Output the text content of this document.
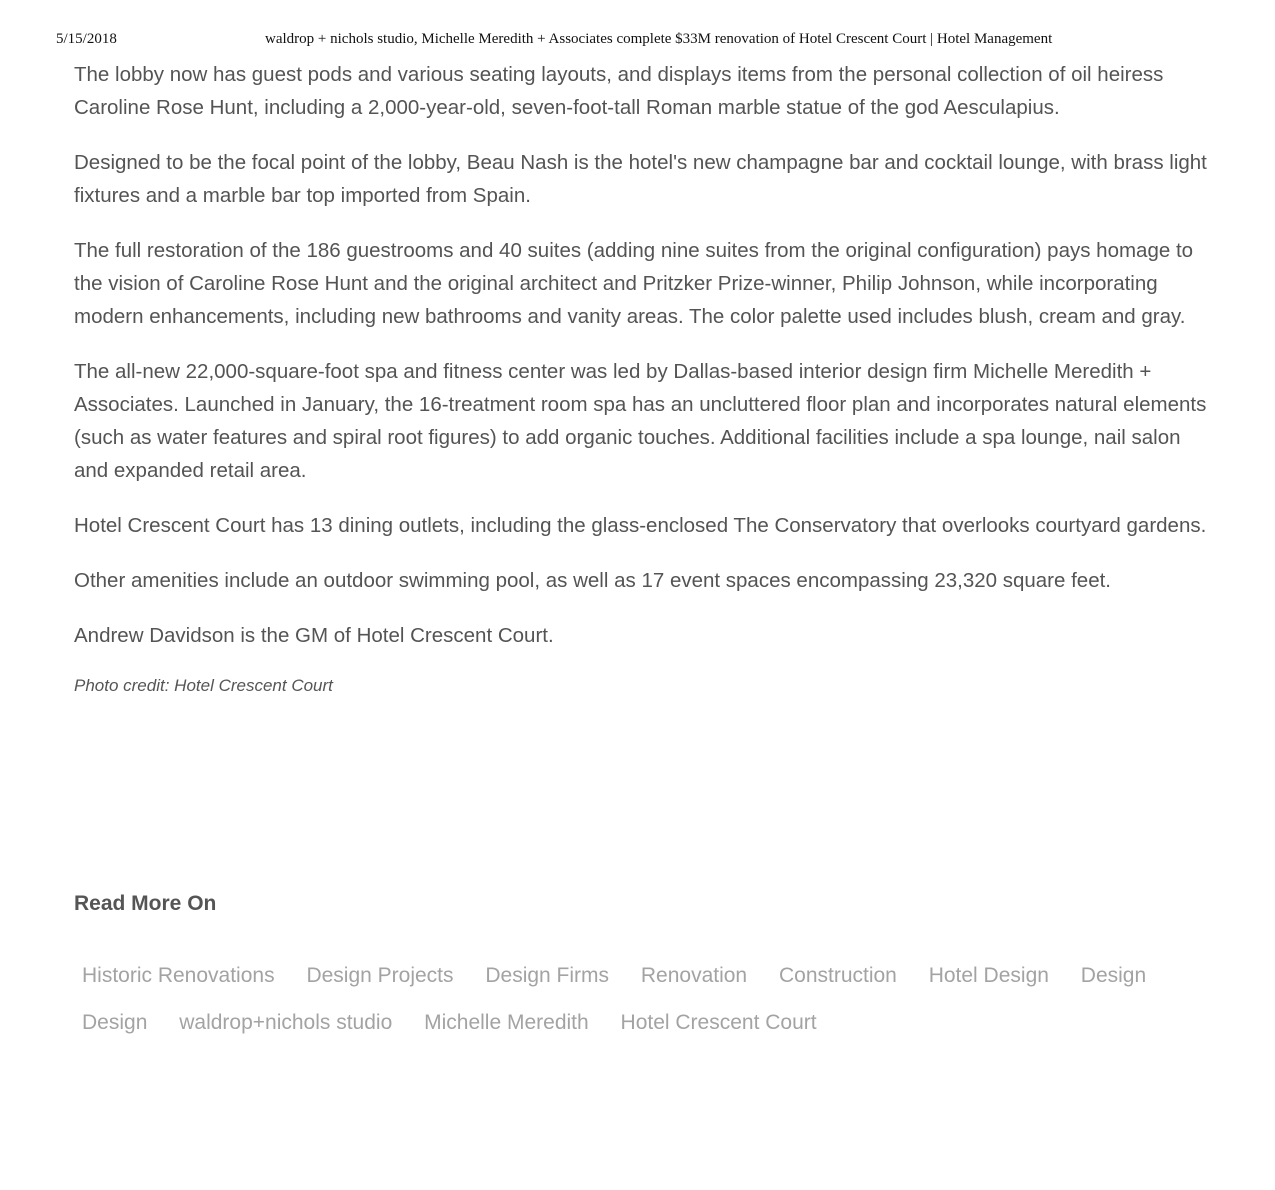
5/15/2018	waldrop + nichols studio, Michelle Meredith + Associates complete $33M renovation of Hotel Crescent Court | Hotel Management

The lobby now has guest pods and various seating layouts, and displays items from the personal collection of oil heiress Caroline Rose Hunt, including a 2,000-year-old, seven-foot-tall Roman marble statue of the god Aesculapius.

Designed to be the focal point of the lobby, Beau Nash is the hotel's new champagne bar and cocktail lounge, with brass light fixtures and a marble bar top imported from Spain.

The full restoration of the 186 guestrooms and 40 suites (adding nine suites from the original configuration) pays homage to the vision of Caroline Rose Hunt and the original architect and Pritzker Prize-winner, Philip Johnson, while incorporating modern enhancements, including new bathrooms and vanity areas. The color palette used includes blush, cream and gray.

The all-new 22,000-square-foot spa and fitness center was led by Dallas-based interior design firm Michelle Meredith + Associates. Launched in January, the 16-treatment room spa has an uncluttered floor plan and incorporates natural elements (such as water features and spiral root figures) to add organic touches. Additional facilities include a spa lounge, nail salon and expanded retail area.

Hotel Crescent Court has 13 dining outlets, including the glass-enclosed The Conservatory that overlooks courtyard gardens.

Other amenities include an outdoor swimming pool, as well as 17 event spaces encompassing 23,320 square feet.

Andrew Davidson is the GM of Hotel Crescent Court.

Photo credit: Hotel Crescent Court

Read More On
Historic Renovations Design Projects Design Firms Renovation Construction Hotel Design Design Design waldrop+nichols studio Michelle Meredith Hotel Crescent Court
